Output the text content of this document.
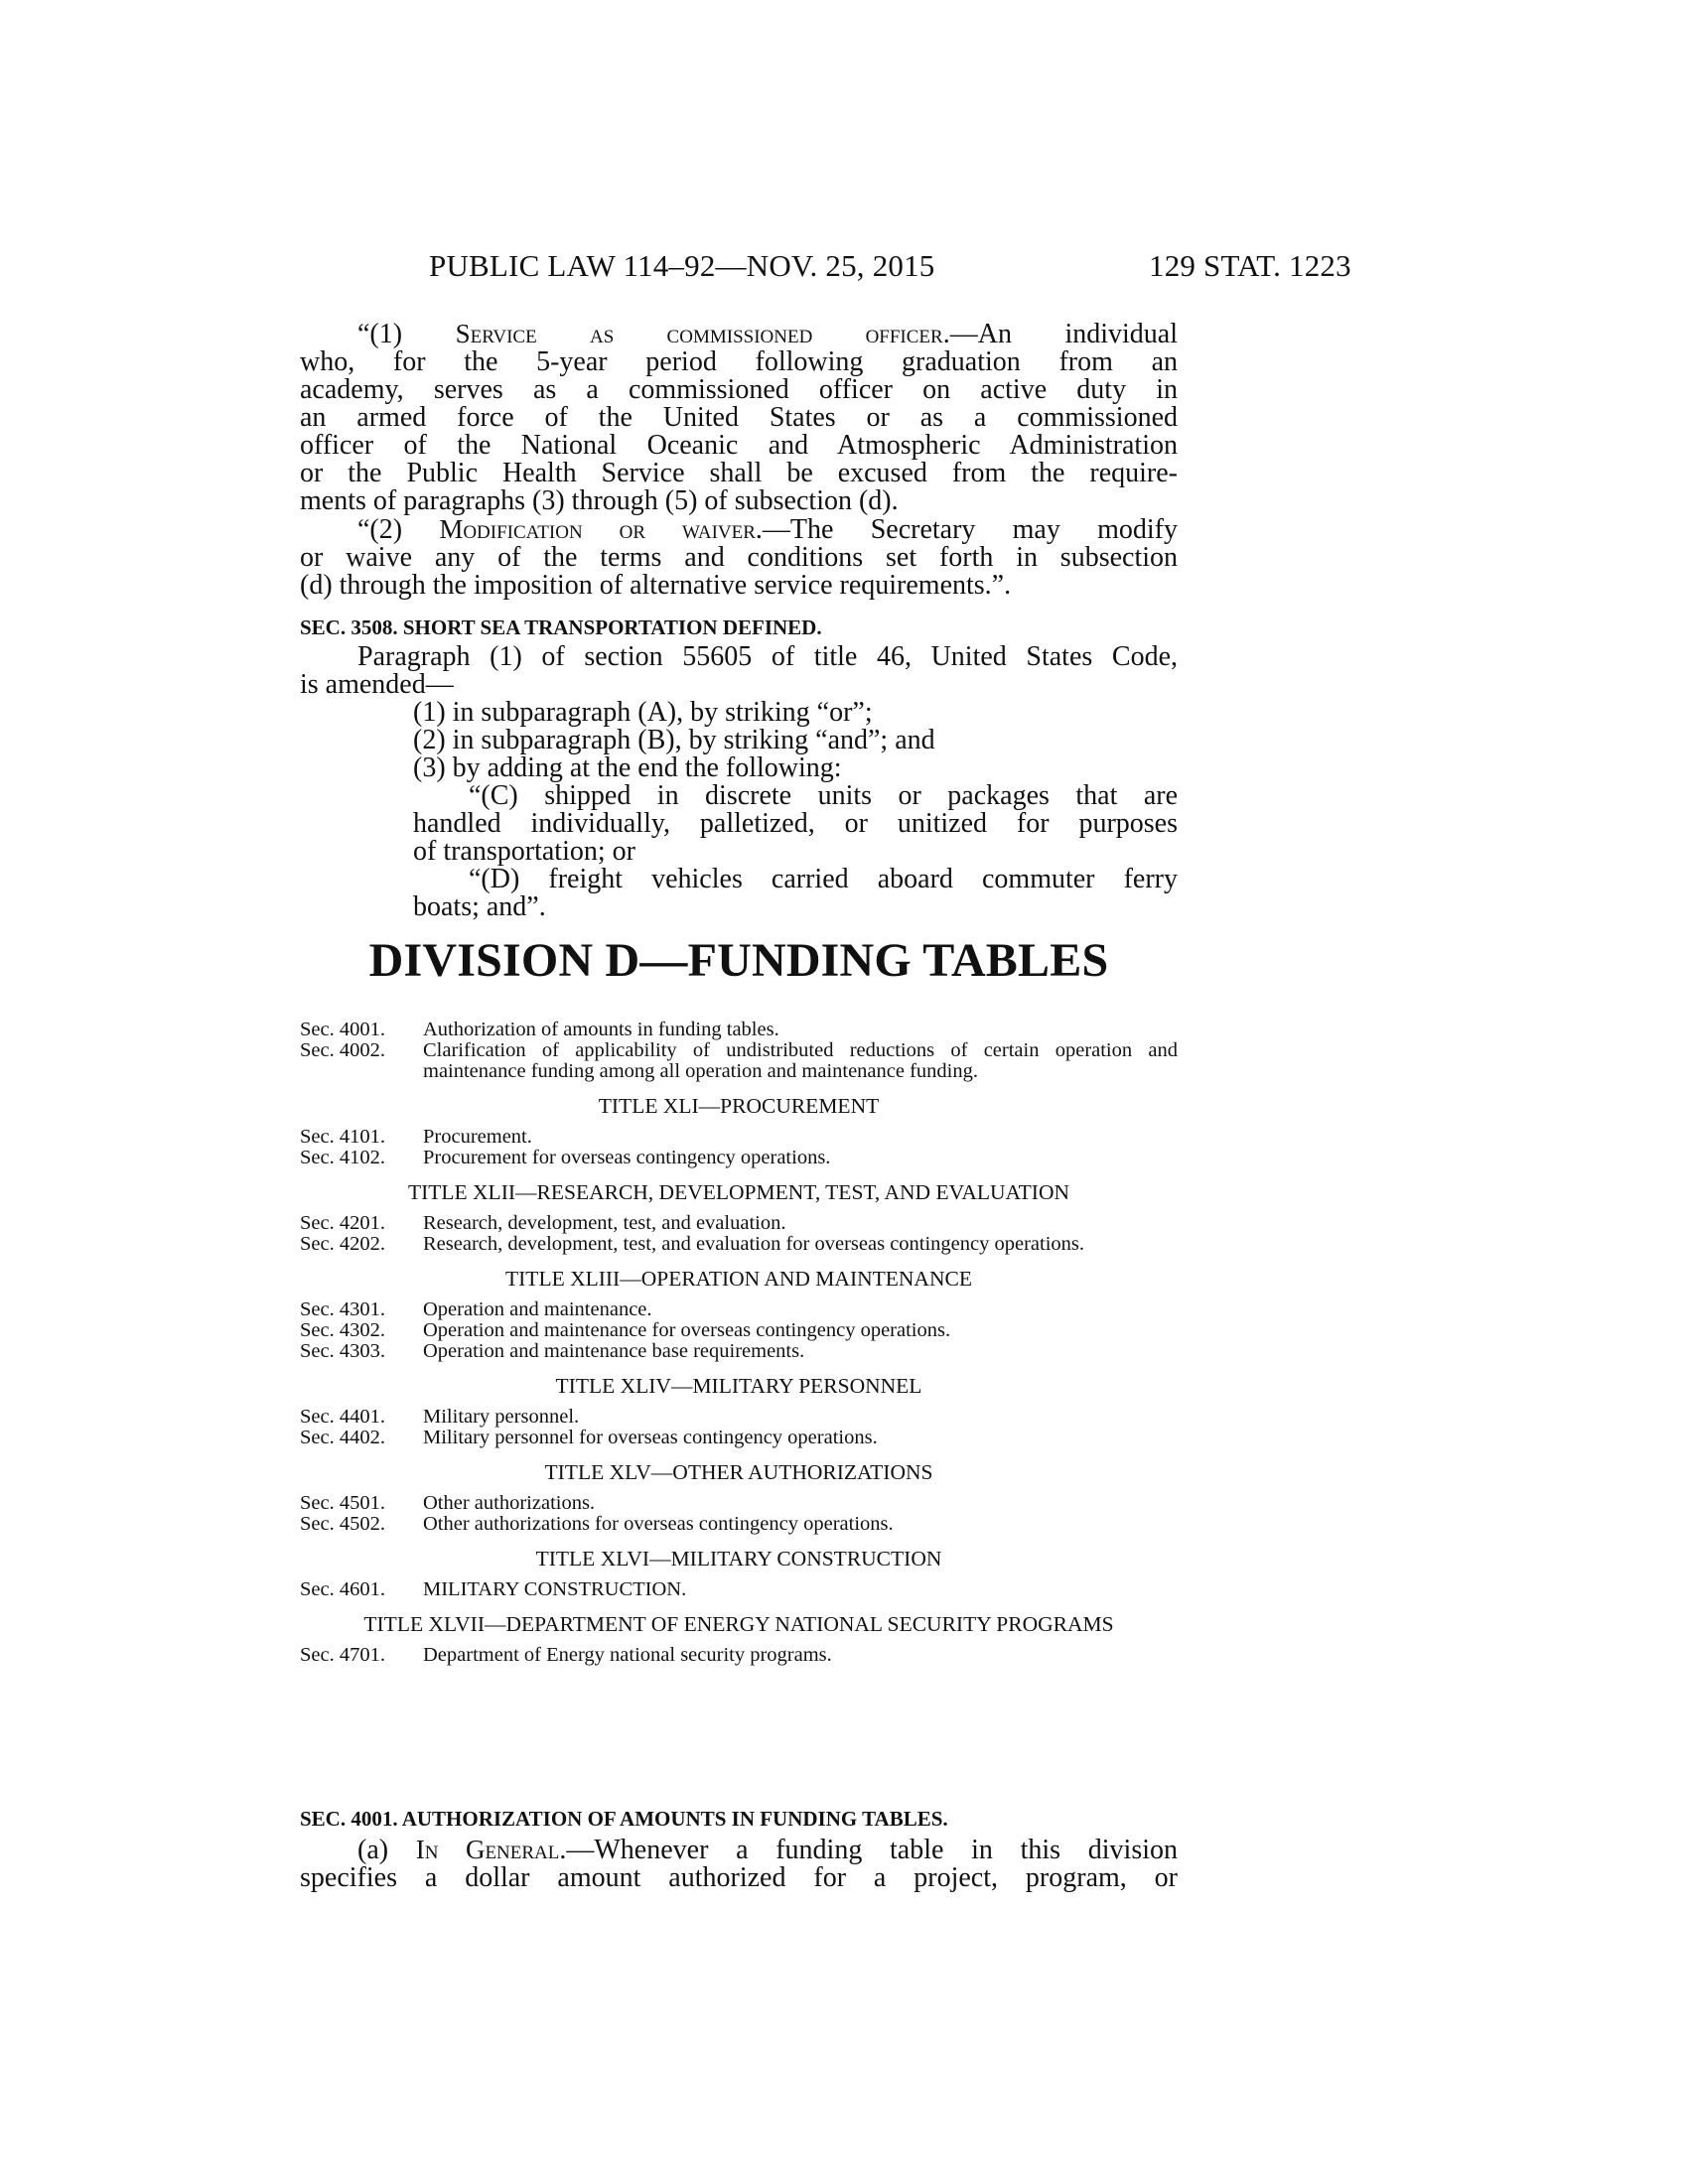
PUBLIC LAW 114–92—NOV. 25, 2015	129 STAT. 1223

“(1) Service as commissioned officer.—An individual

who, for the 5-year period following graduation from an

academy, serves as a commissioned officer on active duty in

an armed force of the United States or as a commissioned

officer of the National Oceanic and Atmospheric Administration

or the Public Health Service shall be excused from the require-

ments of paragraphs (3) through (5) of subsection (d).

“(2) Modification or waiver.—The Secretary may modify

or waive any of the terms and conditions set forth in subsection

(d) through the imposition of alternative service requirements.”.

SEC. 3508. SHORT SEA TRANSPORTATION DEFINED.

Paragraph (1) of section 55605 of title 46, United States Code,

is amended—

(1) in subparagraph (A), by striking “or”;

(2) in subparagraph (B), by striking “and”; and

(3) by adding at the end the following:

“(C) shipped in discrete units or packages that are

handled individually, palletized, or unitized for purposes

of transportation; or

“(D) freight vehicles carried aboard commuter ferry

boats; and”.

DIVISION D—FUNDING TABLES
Sec. 4001.	Authorization of amounts in funding tables.
Sec. 4002.	Clarification of applicability of undistributed reductions of certain operation and maintenance funding among all operation and maintenance funding.
TITLE XLI—PROCUREMENT
Sec. 4101.	Procurement.
Sec. 4102.	Procurement for overseas contingency operations.
TITLE XLII—RESEARCH, DEVELOPMENT, TEST, AND EVALUATION
Sec. 4201.	Research, development, test, and evaluation.
Sec. 4202.	Research, development, test, and evaluation for overseas contingency operations.
TITLE XLIII—OPERATION AND MAINTENANCE
Sec. 4301.	Operation and maintenance.
Sec. 4302.	Operation and maintenance for overseas contingency operations.
Sec. 4303.	Operation and maintenance base requirements.
TITLE XLIV—MILITARY PERSONNEL
Sec. 4401.	Military personnel.
Sec. 4402.	Military personnel for overseas contingency operations.
TITLE XLV—OTHER AUTHORIZATIONS
Sec. 4501.	Other authorizations.
Sec. 4502.	Other authorizations for overseas contingency operations.
TITLE XLVI—MILITARY CONSTRUCTION
Sec. 4601.	MILITARY CONSTRUCTION.
TITLE XLVII—DEPARTMENT OF ENERGY NATIONAL SECURITY PROGRAMS
Sec. 4701.	Department of Energy national security programs.
SEC. 4001. AUTHORIZATION OF AMOUNTS IN FUNDING TABLES.

(a) In General.—Whenever a funding table in this division

specifies a dollar amount authorized for a project, program, or
